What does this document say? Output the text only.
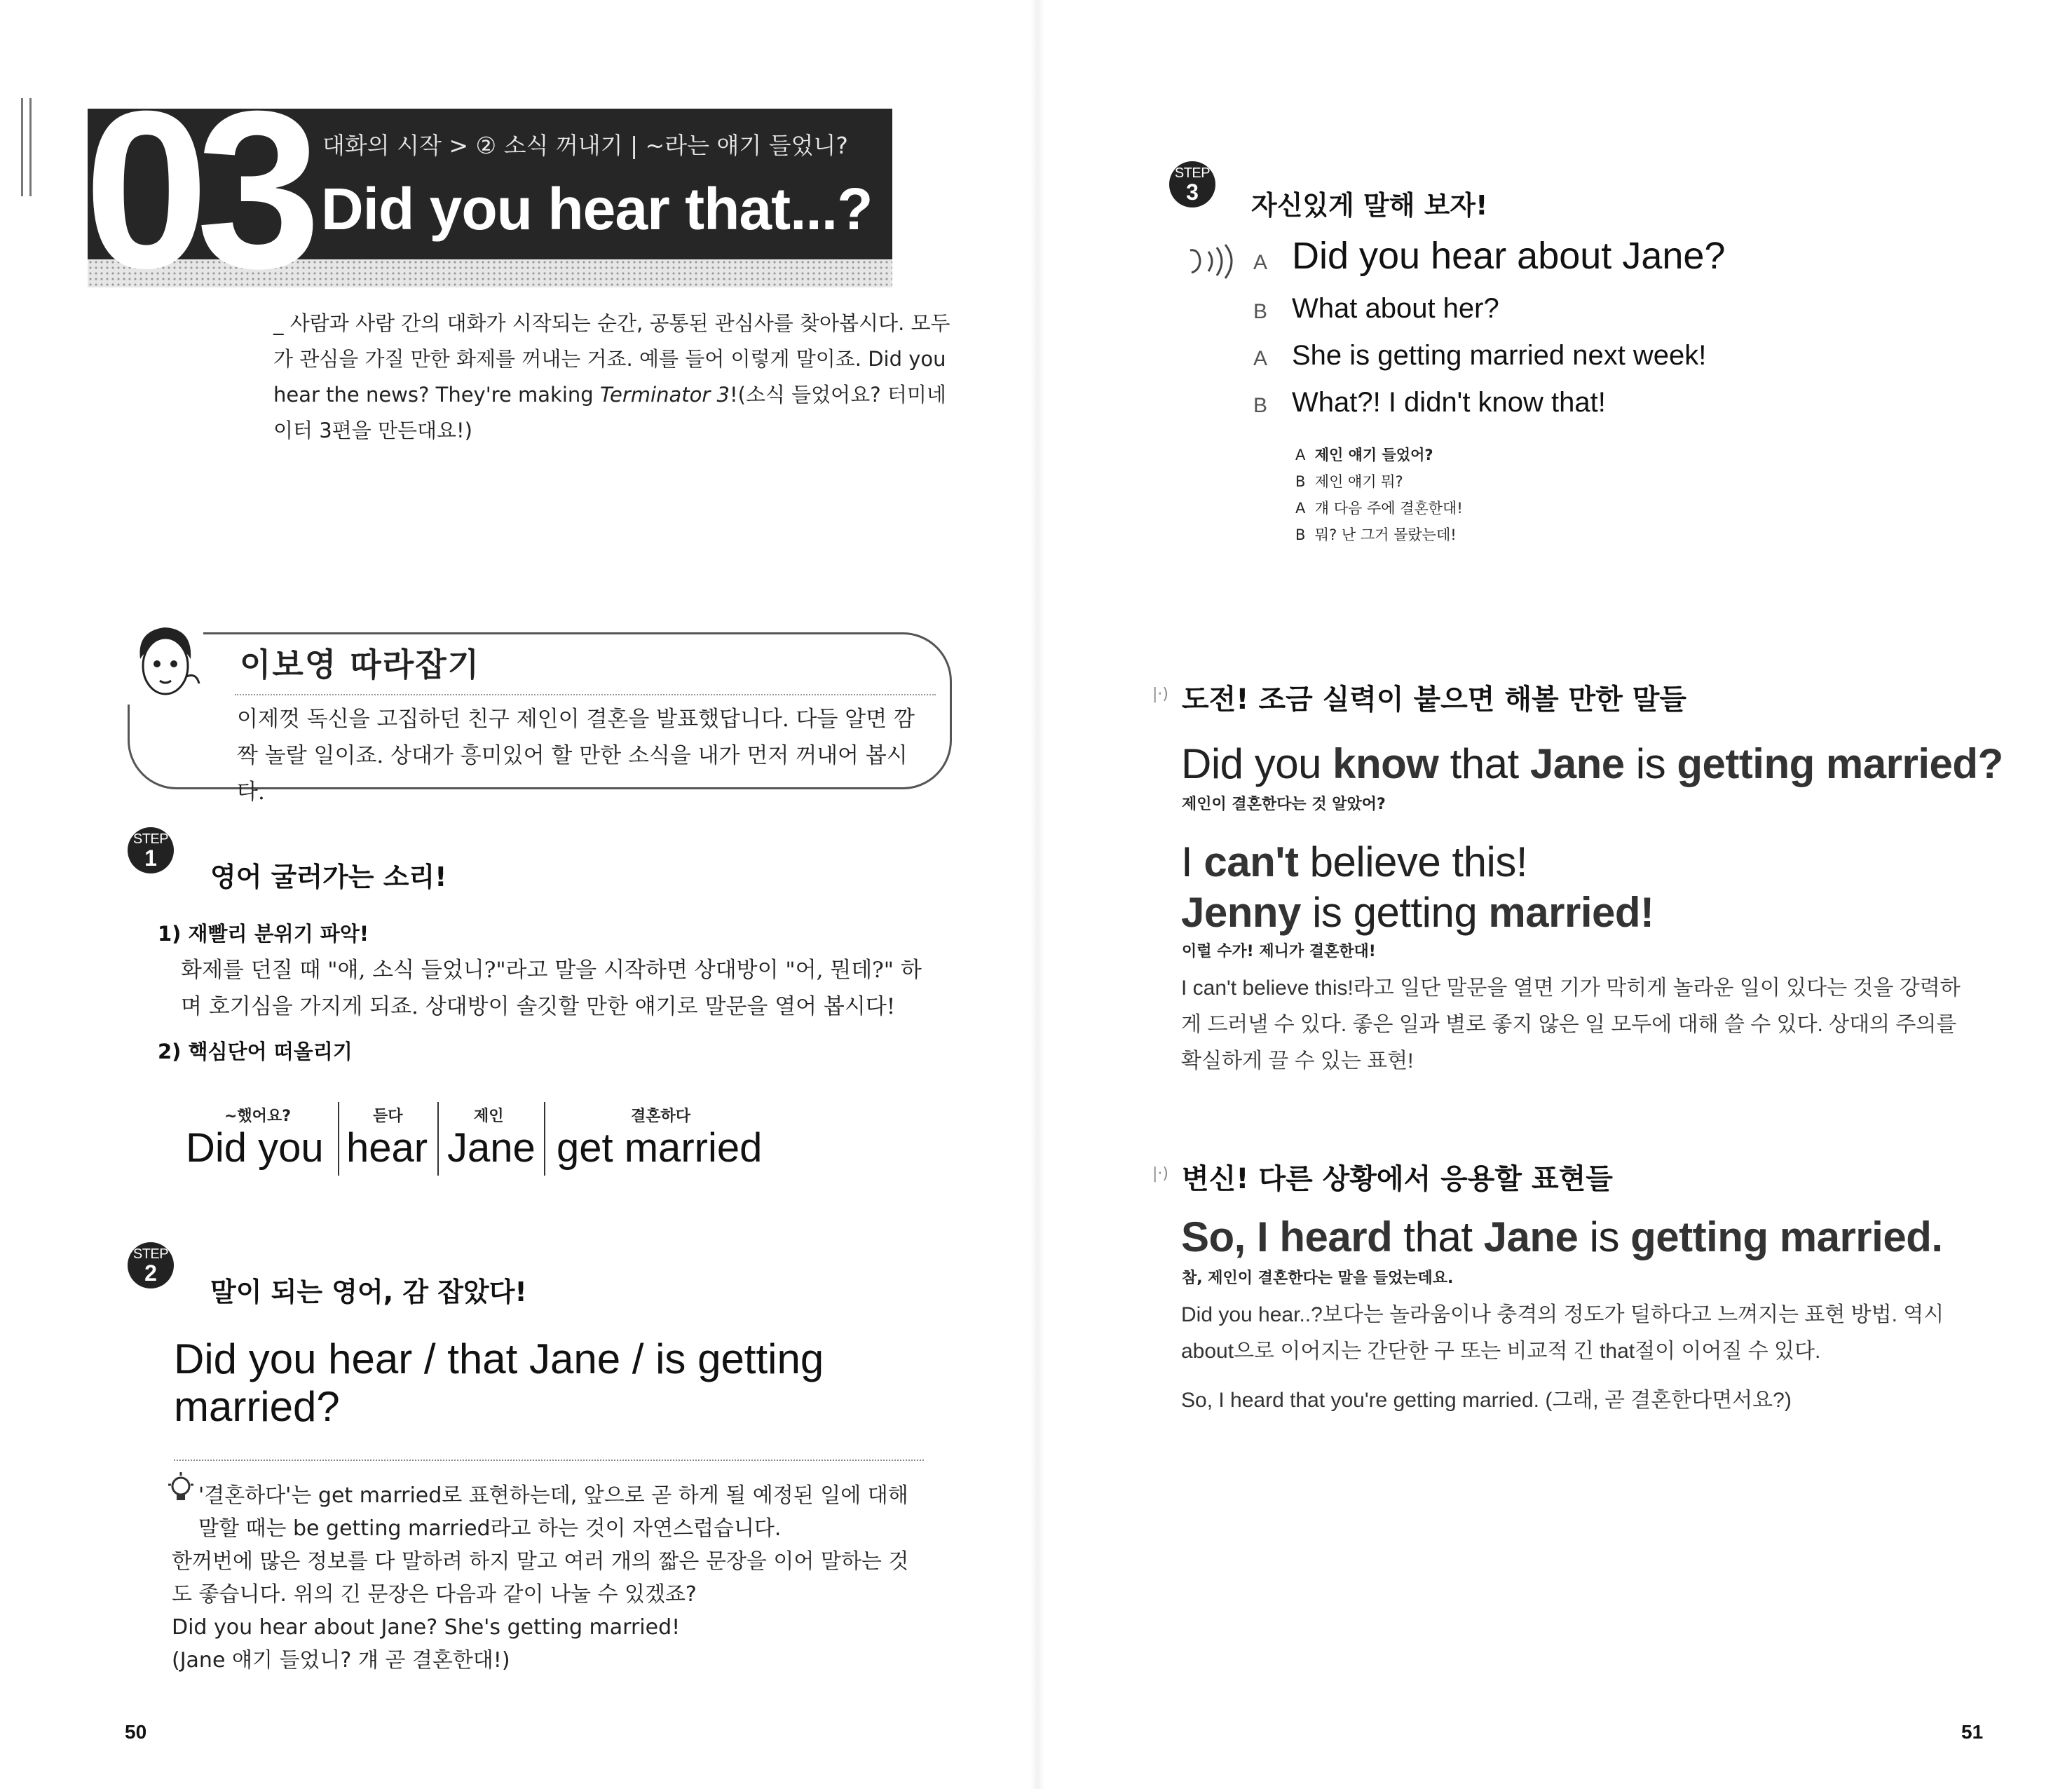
03 대화의 시작 > ② 소식 꺼내기 | ~라는 얘기 들었니?
Did you hear that...?
_ 사람과 사람 간의 대화가 시작되는 순간, 공통된 관심사를 찾아봅시다. 모두가 관심을 가질 만한 화제를 꺼내는 거죠. 예를 들어 이렇게 말이죠. Did you hear the news? They're making Terminator 3!(소식 들었어요? 터미네이터 3편을 만든대요!)
이보영 따라잡기
이제껏 독신을 고집하던 친구 제인이 결혼을 발표했답니다. 다들 알면 깜짝 놀랄 일이죠. 상대가 흥미있어 할 만한 소식을 내가 먼저 꺼내어 봅시다.
STEP
1
영어 굴러가는 소리!
1) 재빨리 분위기 파악!
화제를 던질 때 "얘, 소식 들었니?"라고 말을 시작하면 상대방이 "어, 뭔데?" 하며 호기심을 가지게 되죠. 상대방이 솔깃할 만한 얘기로 말문을 열어 봅시다!
2) 핵심단어 떠올리기
~했어요?
Did you
듣다
hear
제인
Jane
결혼하다
get married
STEP
2
말이 되는 영어, 감 잡았다!
Did you hear / that Jane / is getting married?
'결혼하다'는 get married로 표현하는데, 앞으로 곧 하게 될 예정된 일에 대해 말할 때는 be getting married라고 하는 것이 자연스럽습니다.
한꺼번에 많은 정보를 다 말하려 하지 말고 여러 개의 짧은 문장을 이어 말하는 것도 좋습니다. 위의 긴 문장은 다음과 같이 나눌 수 있겠죠?
Did you hear about Jane? She's getting married!
(Jane 얘기 들었니? 걔 곧 결혼한대!)
50
STEP
3	자신있게 말해 보자!
A Did you hear about Jane?
B What about her?
A She is getting married next week!
B What?! I didn't know that!
A 제인 얘기 들었어?
B 제인 얘기 뭐?
A 걔 다음 주에 결혼한대!
B 뭐? 난 그거 몰랐는데!
|·) 도전! 조금 실력이 붙으면 해볼 만한 말들
Did you know that Jane is getting married?
제인이 결혼한다는 것 알았어?
I can't believe this!
Jenny is getting married!
이럴 수가! 제니가 결혼한대!
I can't believe this!라고 일단 말문을 열면 기가 막히게 놀라운 일이 있다는 것을 강력하게 드러낼 수 있다. 좋은 일과 별로 좋지 않은 일 모두에 대해 쓸 수 있다. 상대의 주의를 확실하게 끌 수 있는 표현!
|·) 변신! 다른 상황에서 응용할 표현들
So, I heard that Jane is getting married.
참, 제인이 결혼한다는 말을 들었는데요.
Did you hear..?보다는 놀라움이나 충격의 정도가 덜하다고 느껴지는 표현 방법. 역시 about으로 이어지는 간단한 구 또는 비교적 긴 that절이 이어질 수 있다.
So, I heard that you're getting married. (그래, 곧 결혼한다면서요?)
51
